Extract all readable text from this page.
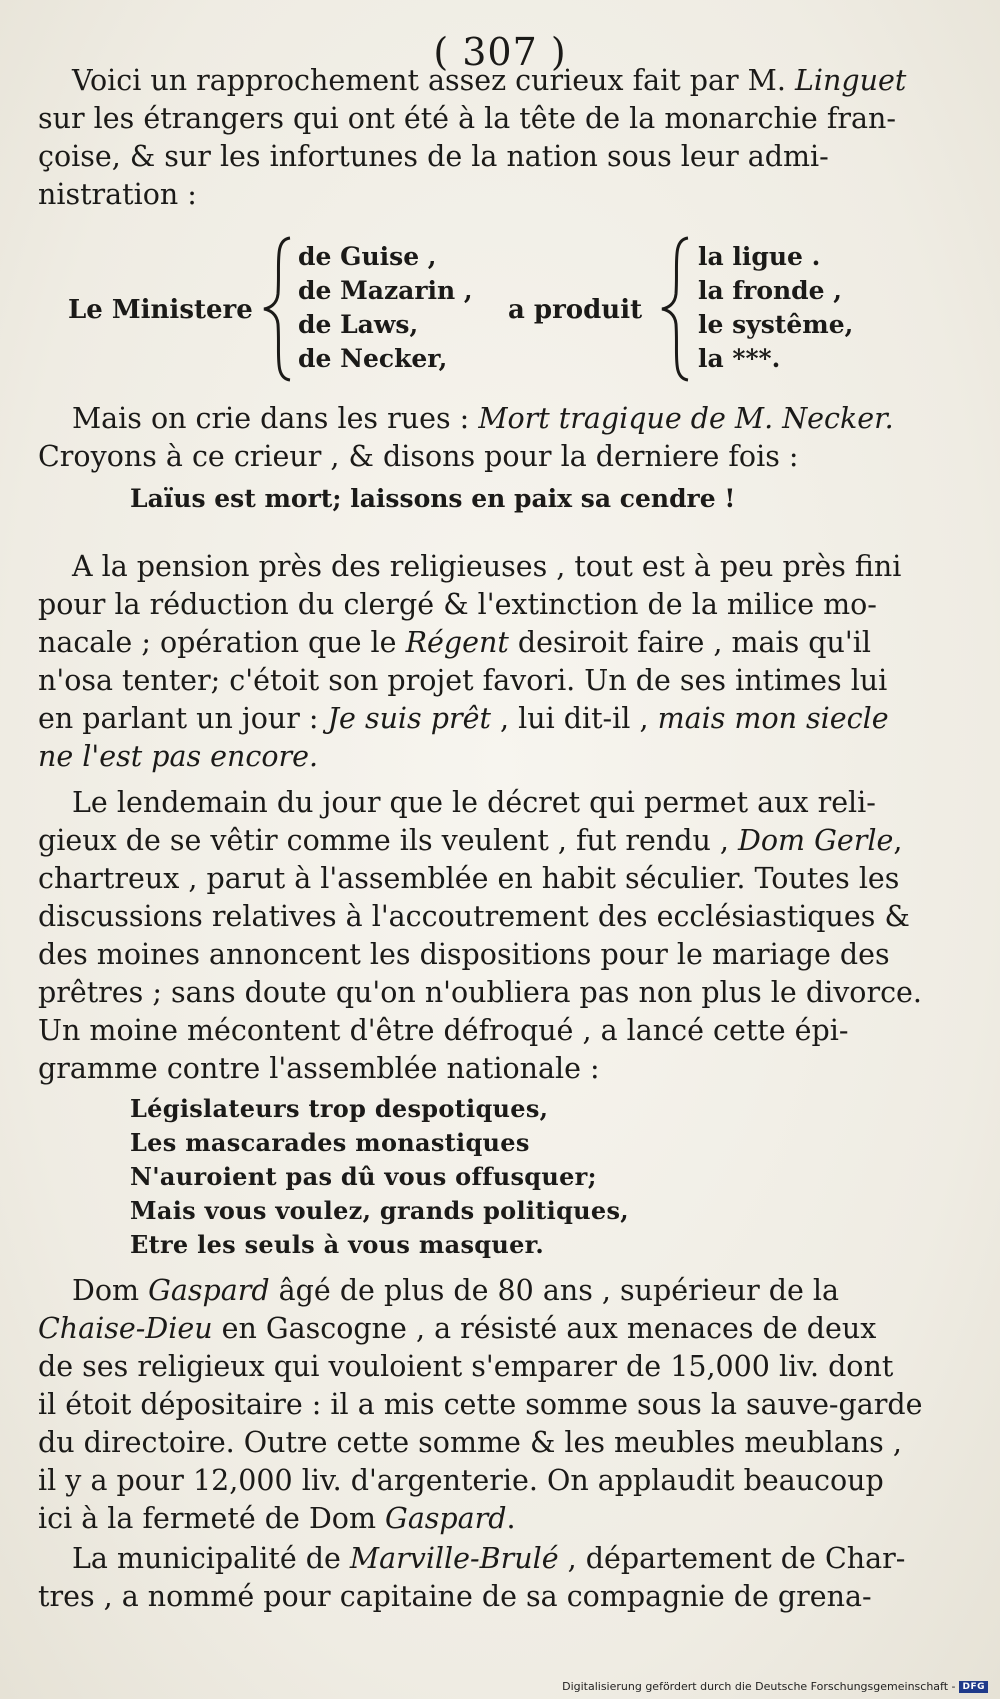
( 307 )

Voici un rapprochement assez curieux fait par M. Linguet

sur les étrangers qui ont été à la tête de la monarchie fran-

çoise, & sur les infortunes de la nation sous leur admi-

nistration :

Le Ministere
de Guise ,
de Mazarin ,
de Laws,
de Necker,
a produit
la ligue .
la fronde ,
le systême,
la ***.

Mais on crie dans les rues : Mort tragique de M. Necker.

Croyons à ce crieur , & disons pour la derniere fois :

Laïus est mort; laissons en paix sa cendre !

A la pension près des religieuses , tout est à peu près fini

pour la réduction du clergé & l'extinction de la milice mo-

nacale ; opération que le Régent desiroit faire , mais qu'il

n'osa tenter; c'étoit son projet favori. Un de ses intimes lui

en parlant un jour : Je suis prêt , lui dit-il , mais mon siecle

ne l'est pas encore.

Le lendemain du jour que le décret qui permet aux reli-

gieux de se vêtir comme ils veulent , fut rendu , Dom Gerle,

chartreux , parut à l'assemblée en habit séculier. Toutes les

discussions relatives à l'accoutrement des ecclésiastiques &

des moines annoncent les dispositions pour le mariage des

prêtres ; sans doute qu'on n'oubliera pas non plus le divorce.

Un moine mécontent d'être défroqué , a lancé cette épi-

gramme contre l'assemblée nationale :

Législateurs trop despotiques,
Les mascarades monastiques
N'auroient pas dû vous offusquer;
Mais vous voulez, grands politiques,
Etre les seuls à vous masquer.

Dom Gaspard âgé de plus de 80 ans , supérieur de la

Chaise-Dieu en Gascogne , a résisté aux menaces de deux

de ses religieux qui vouloient s'emparer de 15,000 liv. dont

il étoit dépositaire : il a mis cette somme sous la sauve-garde

du directoire. Outre cette somme & les meubles meublans ,

il y a pour 12,000 liv. d'argenterie. On applaudit beaucoup

ici à la fermeté de Dom Gaspard.

La municipalité de Marville-Brulé , département de Char-

tres , a nommé pour capitaine de sa compagnie de grena-

Digitalisierung gefördert durch die Deutsche Forschungsgemeinschaft - DFG
